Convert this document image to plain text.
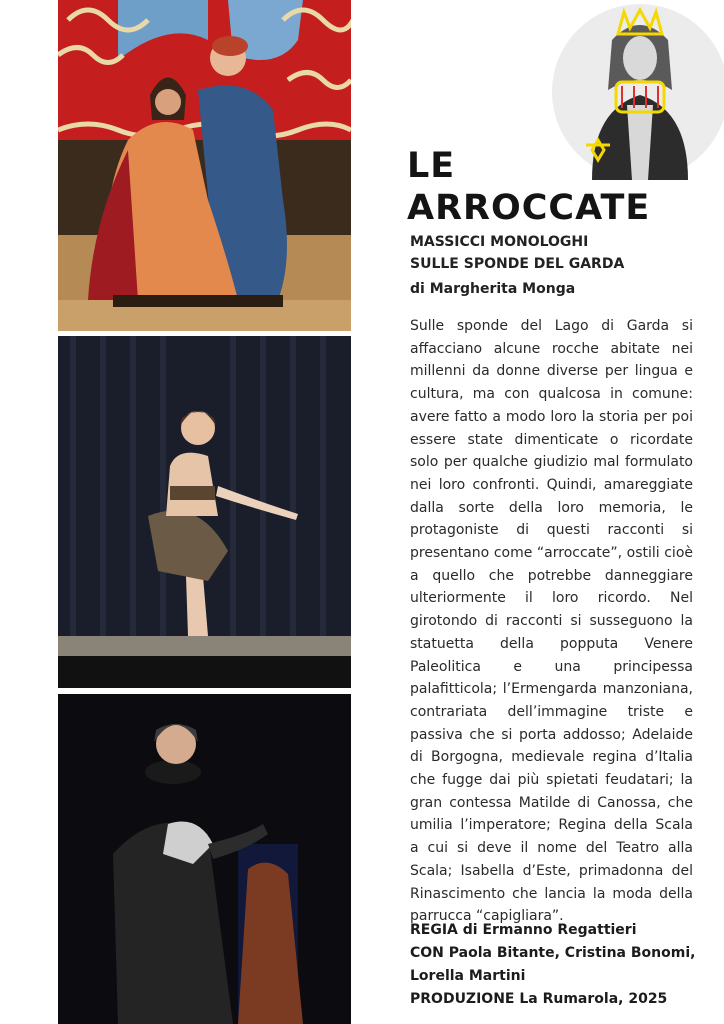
LE
ARROCCATE
MASSICCI MONOLOGHI
SULLE SPONDE DEL GARDA
di Margherita Monga

Sulle sponde del Lago di Garda si affacciano alcune rocche abitate nei millenni da donne diverse per lingua e cultura, ma con qualcosa in comune: avere fatto a modo loro la storia per poi essere state dimenticate o ricordate solo per qualche giudizio mal formulato nei loro confronti. Quindi, amareggiate dalla sorte della loro memoria, le protagoniste di questi racconti si presentano come “arroccate”, ostili cioè a quello che potrebbe danneggiare ulteriormente il loro ricordo. Nel girotondo di racconti si susseguono la statuetta della popputa Venere Paleolitica e una principessa palafitticola; l’Ermengarda manzoniana, contrariata dell’immagine triste e passiva che si porta addosso; Adelaide di Borgogna, medievale regina d’Italia che fugge dai più spietati feudatari; la gran contessa Matilde di Canossa, che umilia l’imperatore; Regina della Scala a cui si deve il nome del Teatro alla Scala; Isabella d’Este, primadonna del Rinascimento che lancia la moda della parrucca “capigliara”.

REGIA di Ermanno Regattieri
CON Paola Bitante, Cristina Bonomi,
Lorella Martini
PRODUZIONE La Rumarola, 2025
